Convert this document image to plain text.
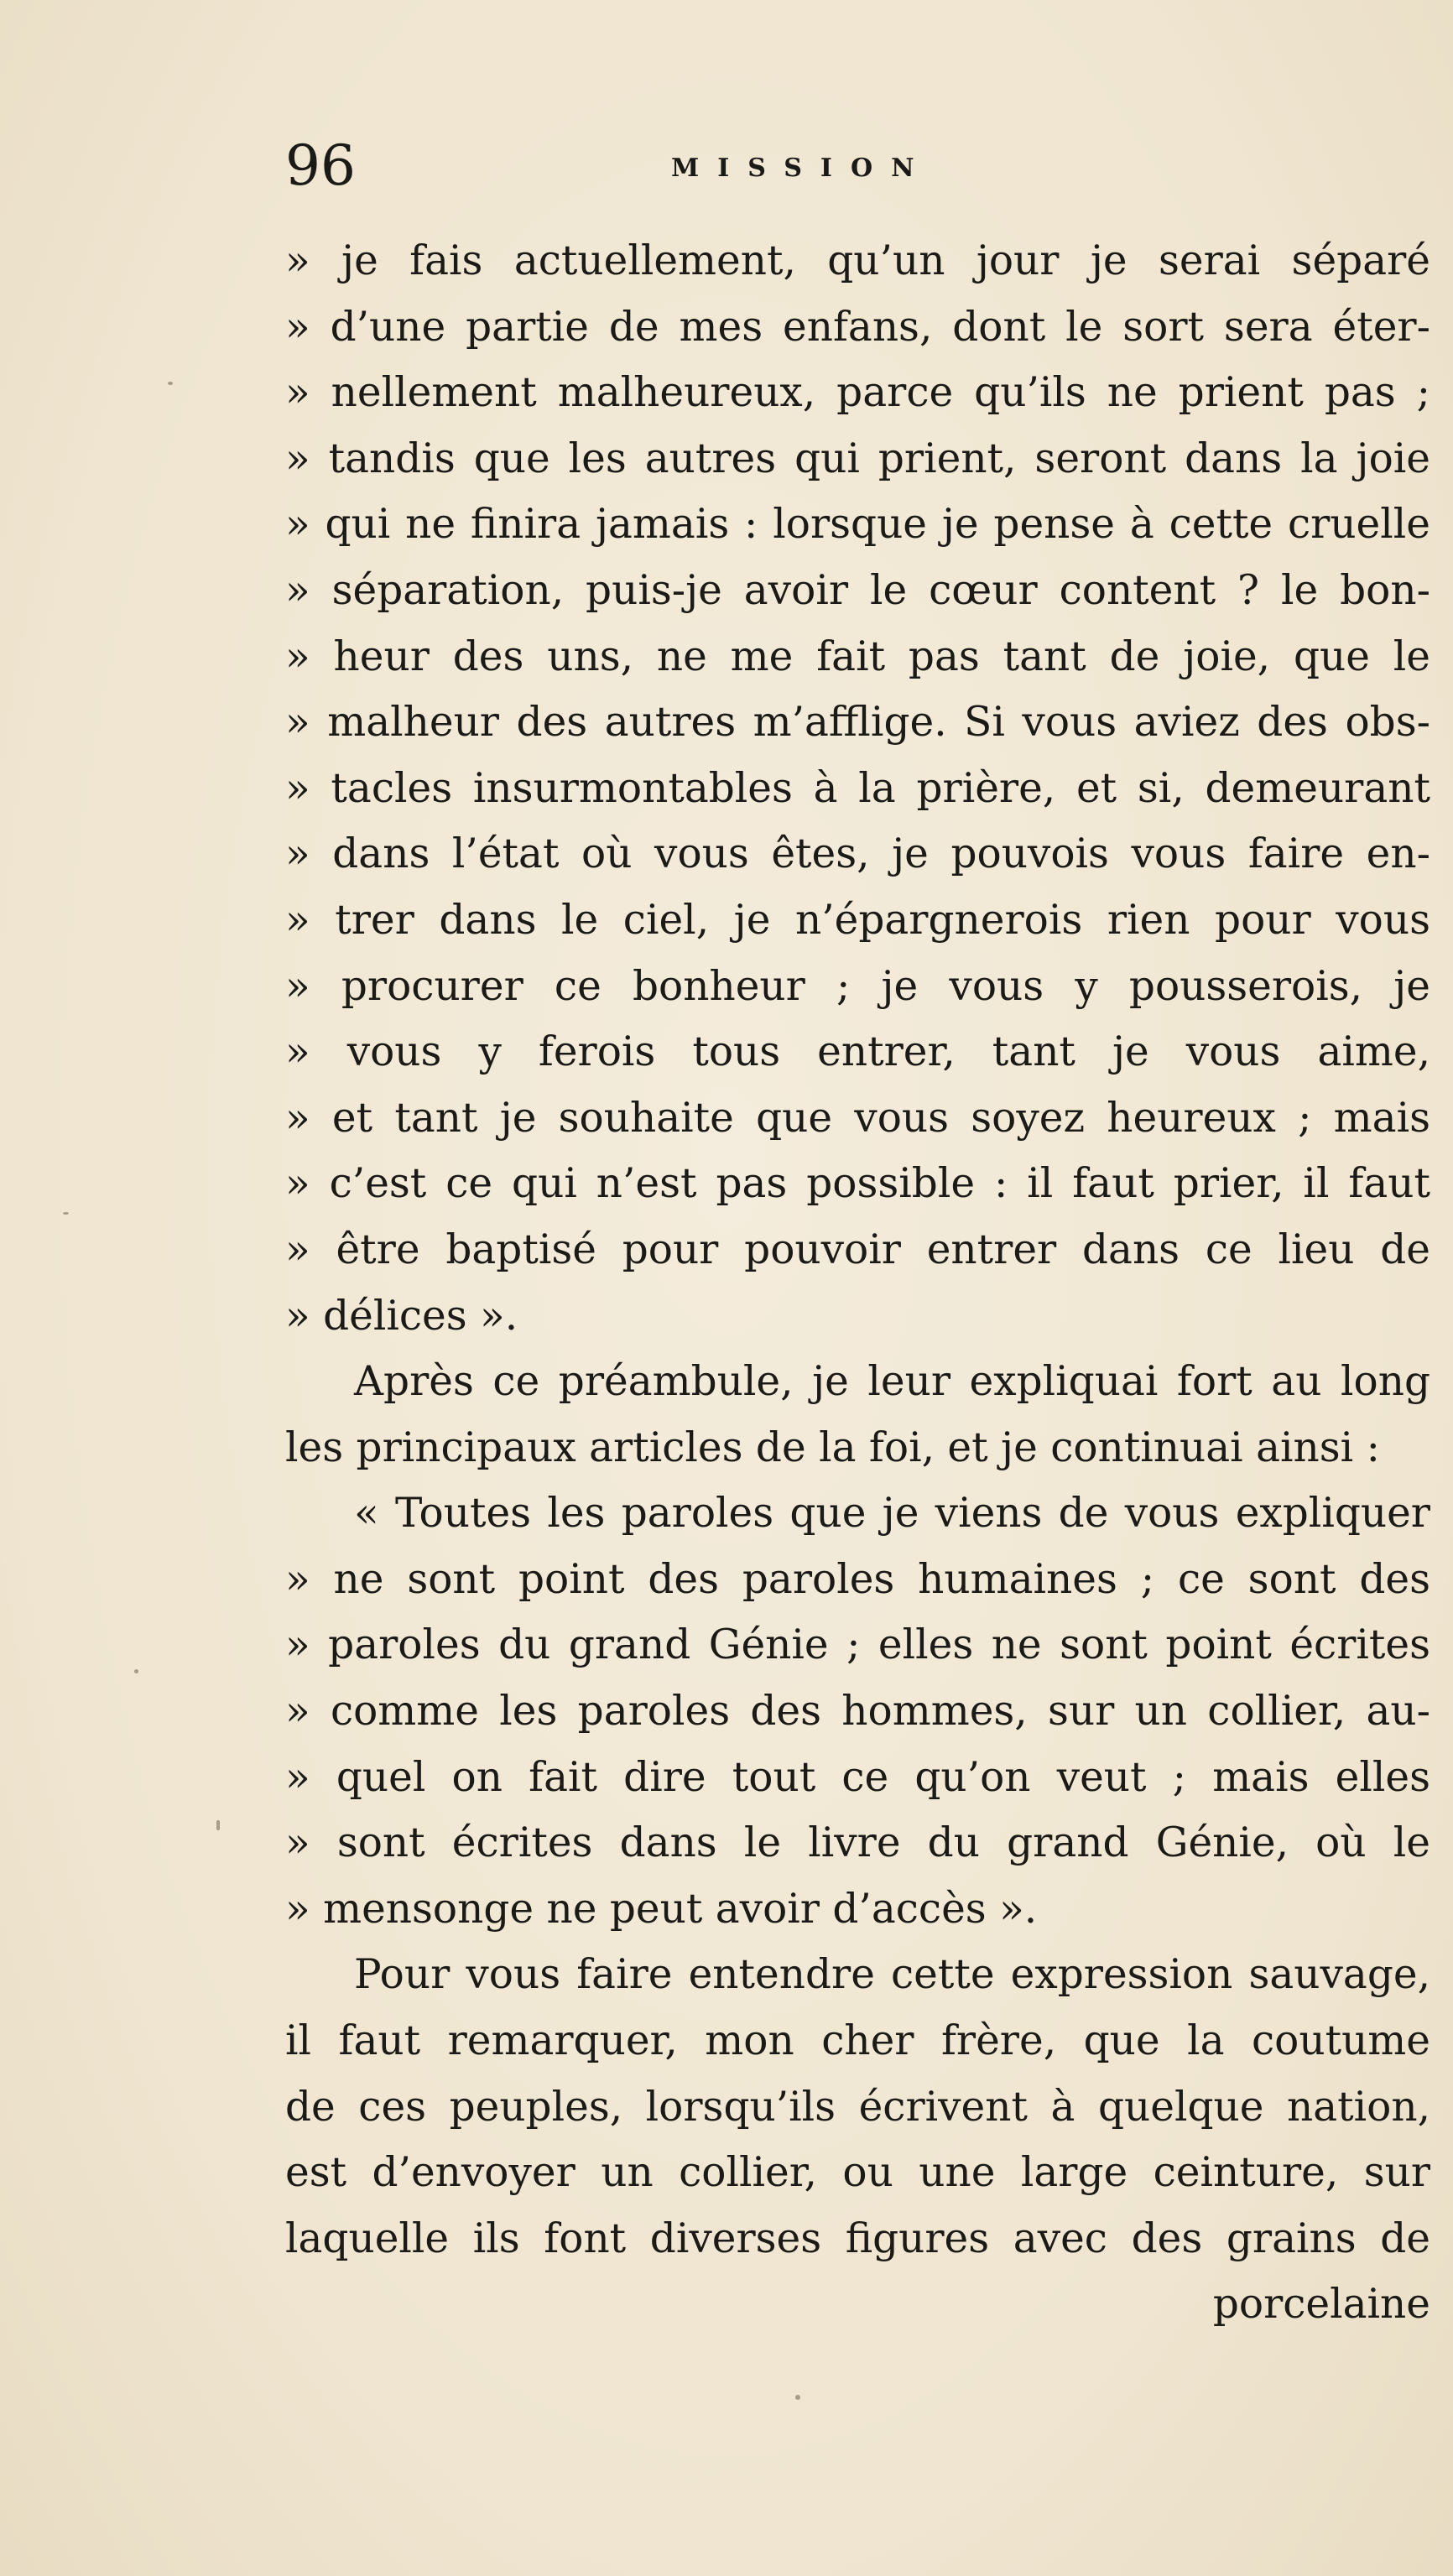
96	MISSION
» je fais actuellement, qu’un jour je serai séparé
» d’une partie de mes enfans, dont le sort sera éter-
» nellement malheureux, parce qu’ils ne prient pas ;
» tandis que les autres qui prient, seront dans la joie
» qui ne finira jamais : lorsque je pense à cette cruelle
» séparation, puis-je avoir le cœur content ? le bon-
» heur des uns, ne me fait pas tant de joie, que le
» malheur des autres m’afflige. Si vous aviez des obs-
» tacles insurmontables à la prière, et si, demeurant
» dans l’état où vous êtes, je pouvois vous faire en-
» trer dans le ciel, je n’épargnerois rien pour vous
» procurer ce bonheur ; je vous y pousserois, je
» vous y ferois tous entrer, tant je vous aime,
» et tant je souhaite que vous soyez heureux ; mais
» c’est ce qui n’est pas possible : il faut prier, il faut
» être baptisé pour pouvoir entrer dans ce lieu de
» délices ».
Après ce préambule, je leur expliquai fort au long
les principaux articles de la foi, et je continuai ainsi :
« Toutes les paroles que je viens de vous expliquer
» ne sont point des paroles humaines ; ce sont des
» paroles du grand Génie ; elles ne sont point écrites
» comme les paroles des hommes, sur un collier, au-
» quel on fait dire tout ce qu’on veut ; mais elles
» sont écrites dans le livre du grand Génie, où le
» mensonge ne peut avoir d’accès ».
Pour vous faire entendre cette expression sauvage,
il faut remarquer, mon cher frère, que la coutume
de ces peuples, lorsqu’ils écrivent à quelque nation,
est d’envoyer un collier, ou une large ceinture, sur
laquelle ils font diverses figures avec des grains de
porcelaine
